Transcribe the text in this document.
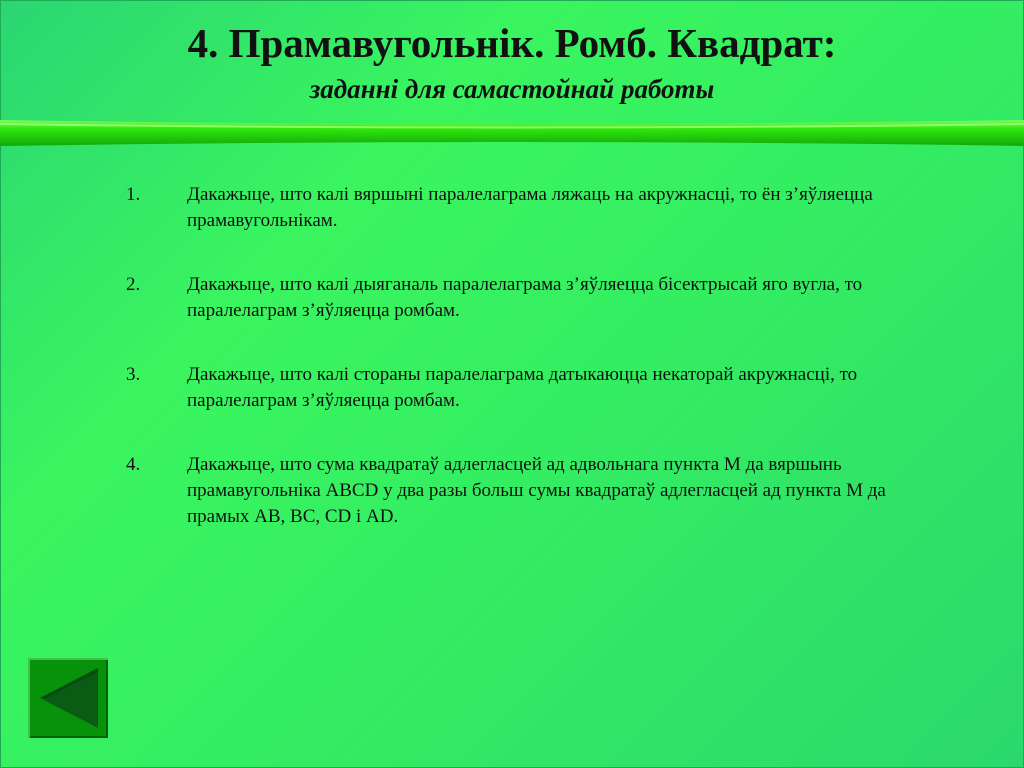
4. Прамавугольнік. Ромб. Квадрат:
заданні для самастойнай работы
1.	Дакажыце, што калі вяршыні паралелаграма ляжаць на акружнасці, то ён з’яўляецца прамавугольнікам.
2.	Дакажыце, што калі дыяганаль паралелаграма з’яўляецца бісектрысай яго вугла, то паралелаграм з’яўляецца ромбам.
3.	Дакажыце, што калі стораны паралелаграма датыкаюцца некаторай акружнасці, то паралелаграм з’яўляецца ромбам.
4.	Дакажыце, што сума квадратаў адлегласцей ад адвольнага пункта М да вяршынь прамавугольніка ABCD у два разы больш сумы квадратаў адлегласцей ад пункта М да прамых AB, BC, CD і AD.
